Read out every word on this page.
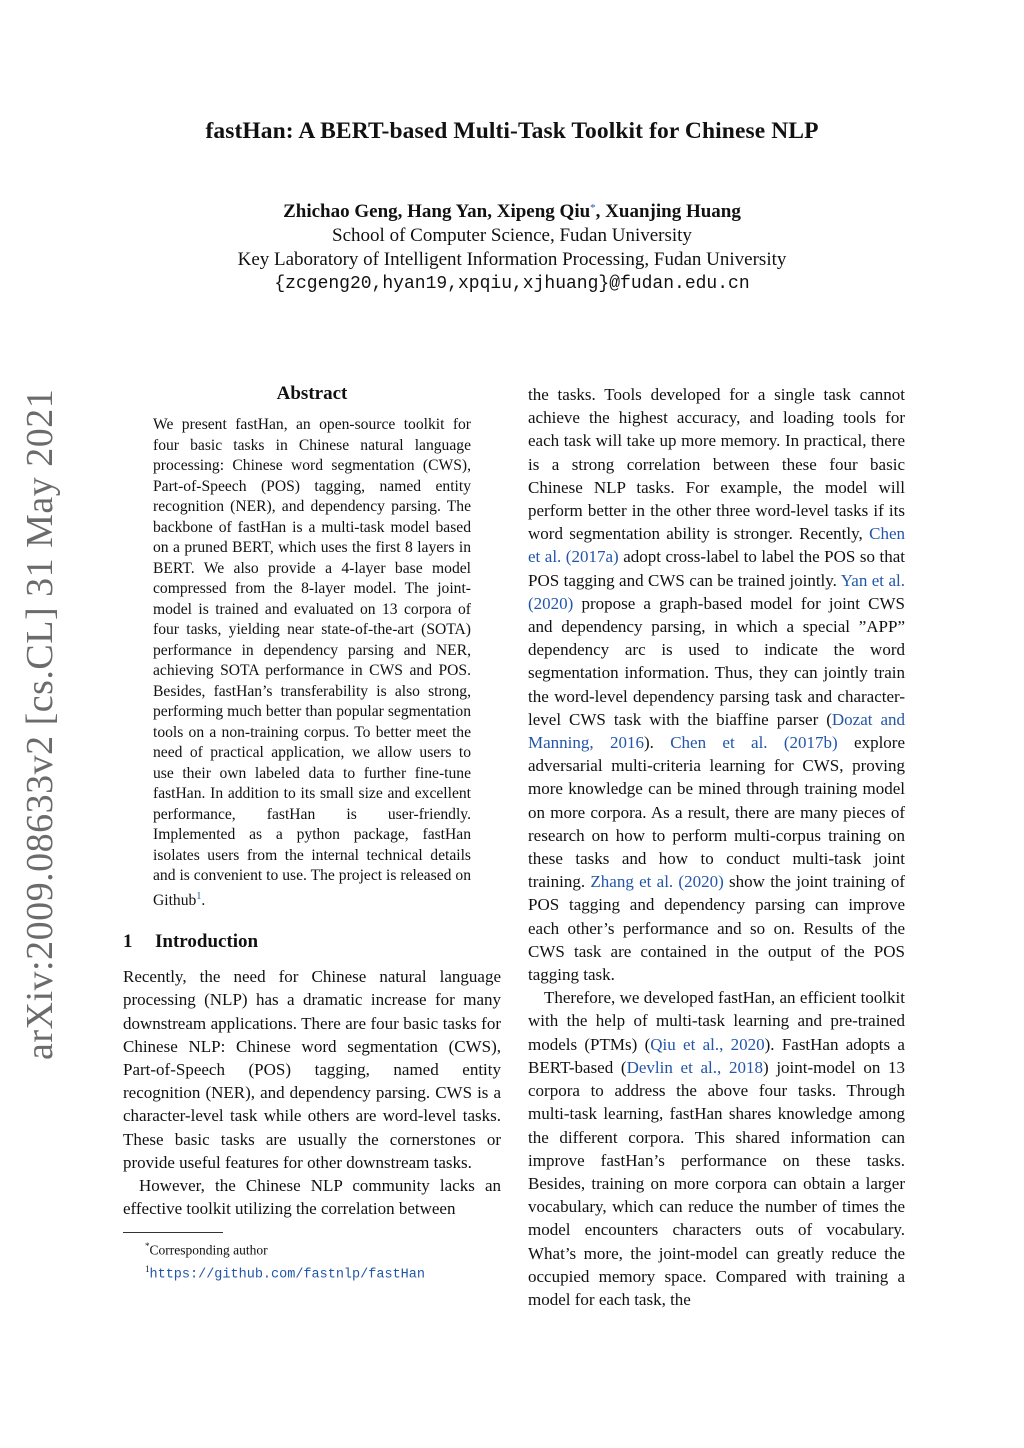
fastHan: A BERT-based Multi-Task Toolkit for Chinese NLP
Zhichao Geng, Hang Yan, Xipeng Qiu*, Xuanjing Huang
School of Computer Science, Fudan University
Key Laboratory of Intelligent Information Processing, Fudan University
{zcgeng20,hyan19,xpqiu,xjhuang}@fudan.edu.cn
arXiv:2009.08633v2 [cs.CL] 31 May 2021	Abstract

We present fastHan, an open-source toolkit for four basic tasks in Chinese natural language processing: Chinese word segmentation (CWS), Part-of-Speech (POS) tagging, named entity recognition (NER), and dependency parsing. The backbone of fastHan is a multi-task model based on a pruned BERT, which uses the first 8 layers in BERT. We also provide a 4-layer base model compressed from the 8-layer model. The joint-model is trained and evaluated on 13 corpora of four tasks, yielding near state-of-the-art (SOTA) performance in dependency parsing and NER, achieving SOTA performance in CWS and POS. Besides, fastHan’s transferability is also strong, performing much better than popular segmentation tools on a non-training corpus. To better meet the need of practical application, we allow users to use their own labeled data to further fine-tune fastHan. In addition to its small size and excellent performance, fastHan is user-friendly. Implemented as a python package, fastHan isolates users from the internal technical details and is convenient to use. The project is released on Github$^1$.

1 Introduction

Recently, the need for Chinese natural language processing (NLP) has a dramatic increase for many downstream applications. There are four basic tasks for Chinese NLP: Chinese word segmentation (CWS), Part-of-Speech (POS) tagging, named entity recognition (NER), and dependency parsing. CWS is a character-level task while others are word-level tasks. These basic tasks are usually the cornerstones or provide useful features for other downstream tasks.

However, the Chinese NLP community lacks an effective toolkit utilizing the correlation between

*Corresponding author
$^1$https://github.com/fastnlp/fastHan

the tasks. Tools developed for a single task cannot achieve the highest accuracy, and loading tools for each task will take up more memory. In practical, there is a strong correlation between these four basic Chinese NLP tasks. For example, the model will perform better in the other three word-level tasks if its word segmentation ability is stronger. Recently, Chen et al. (2017a) adopt cross-label to label the POS so that POS tagging and CWS can be trained jointly. Yan et al. (2020) propose a graph-based model for joint CWS and dependency parsing, in which a special ”APP” dependency arc is used to indicate the word segmentation information. Thus, they can jointly train the word-level dependency parsing task and character-level CWS task with the biaffine parser (Dozat and Manning, 2016). Chen et al. (2017b) explore adversarial multi-criteria learning for CWS, proving more knowledge can be mined through training model on more corpora. As a result, there are many pieces of research on how to perform multi-corpus training on these tasks and how to conduct multi-task joint training. Zhang et al. (2020) show the joint training of POS tagging and dependency parsing can improve each other’s performance and so on. Results of the CWS task are contained in the output of the POS tagging task.

Therefore, we developed fastHan, an efficient toolkit with the help of multi-task learning and pre-trained models (PTMs) (Qiu et al., 2020). FastHan adopts a BERT-based (Devlin et al., 2018) joint-model on 13 corpora to address the above four tasks. Through multi-task learning, fastHan shares knowledge among the different corpora. This shared information can improve fastHan’s performance on these tasks. Besides, training on more corpora can obtain a larger vocabulary, which can reduce the number of times the model encounters characters outs of vocabulary. What’s more, the joint-model can greatly reduce the occupied memory space. Compared with training a model for each task, the
